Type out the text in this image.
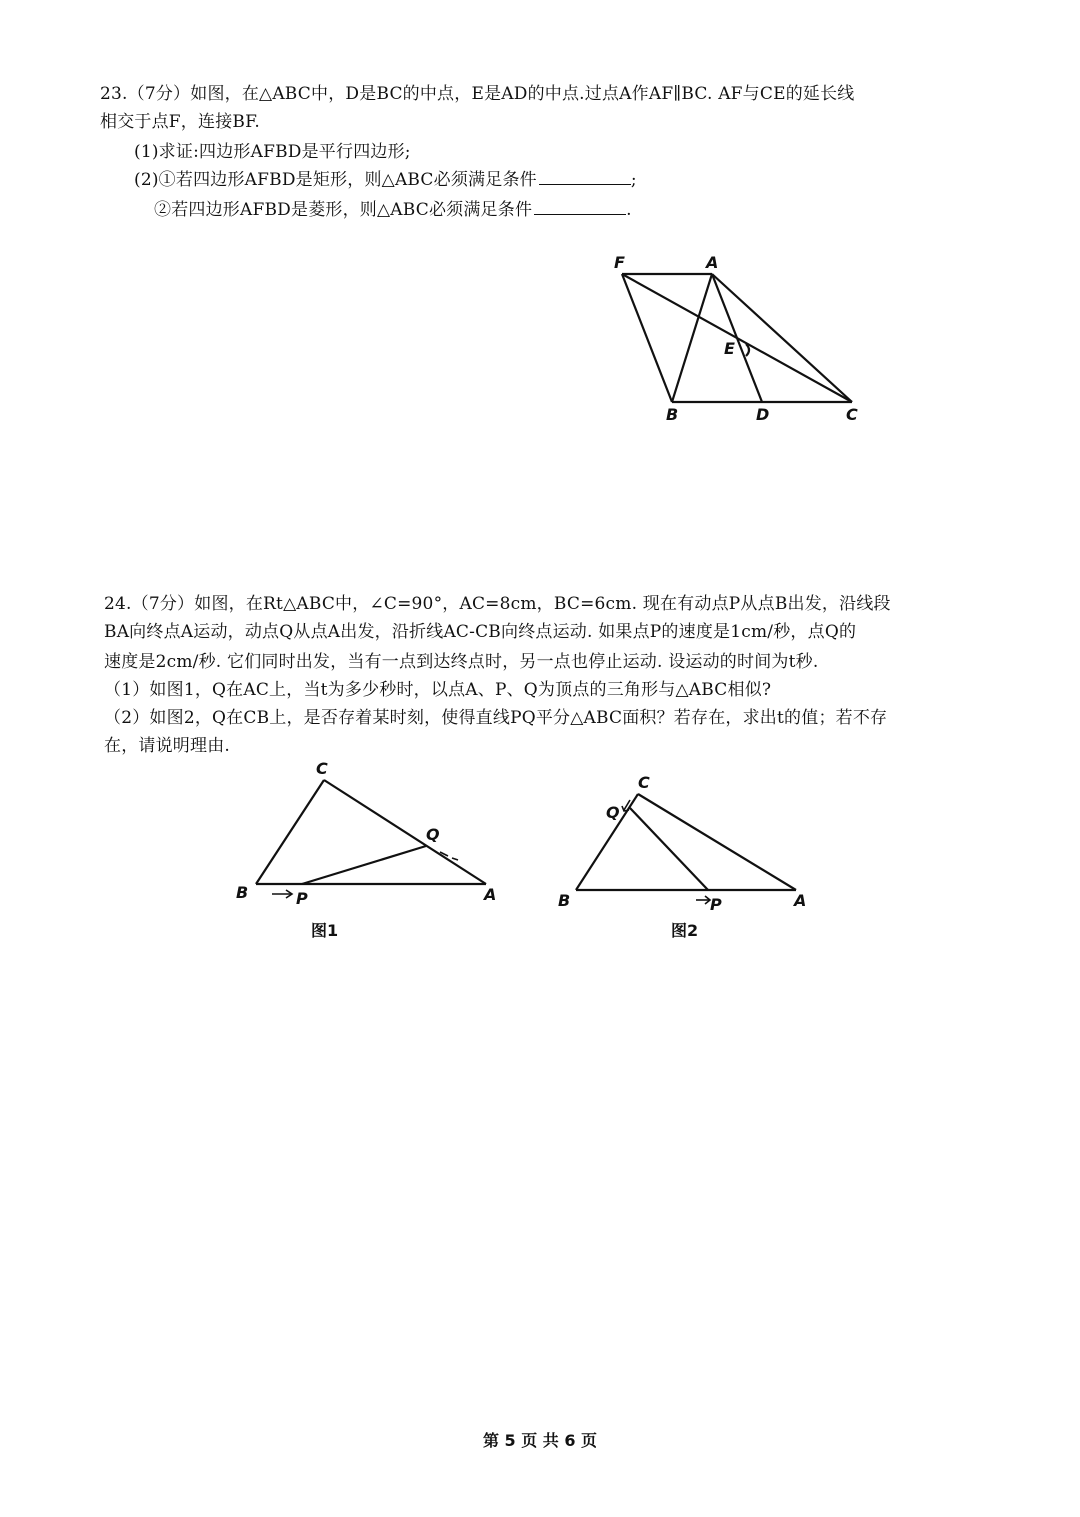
23.（7分）如图，在△ABC中，D是BC的中点，E是AD的中点.过点A作AF∥BC. AF与CE的延长线
相交于点F，连接BF.
(1)求证:四边形AFBD是平行四边形;
(2)①若四边形AFBD是矩形，则△ABC必须满足条件	;
②若四边形AFBD是菱形，则△ABC必须满足条件	.
F	A
E
B	D	C
24.（7分）如图，在Rt△ABC中，∠C=90°，AC=8cm，BC=6cm. 现在有动点P从点B出发，沿线段
BA向终点A运动，动点Q从点A出发，沿折线AC-CB向终点运动. 如果点P的速度是1cm/秒，点Q的
速度是2cm/秒. 它们同时出发，当有一点到达终点时，另一点也停止运动. 设运动的时间为t秒.
（1）如图1，Q在AC上，当t为多少秒时，以点A、P、Q为顶点的三角形与△ABC相似?
（2）如图2，Q在CB上，是否存着某时刻，使得直线PQ平分△ABC面积？若存在，求出t的值；若不存
在，请说明理由.
C
Q
B	P	A
图1
C
Q
B	P	A
图2
第 5 页 共 6 页
